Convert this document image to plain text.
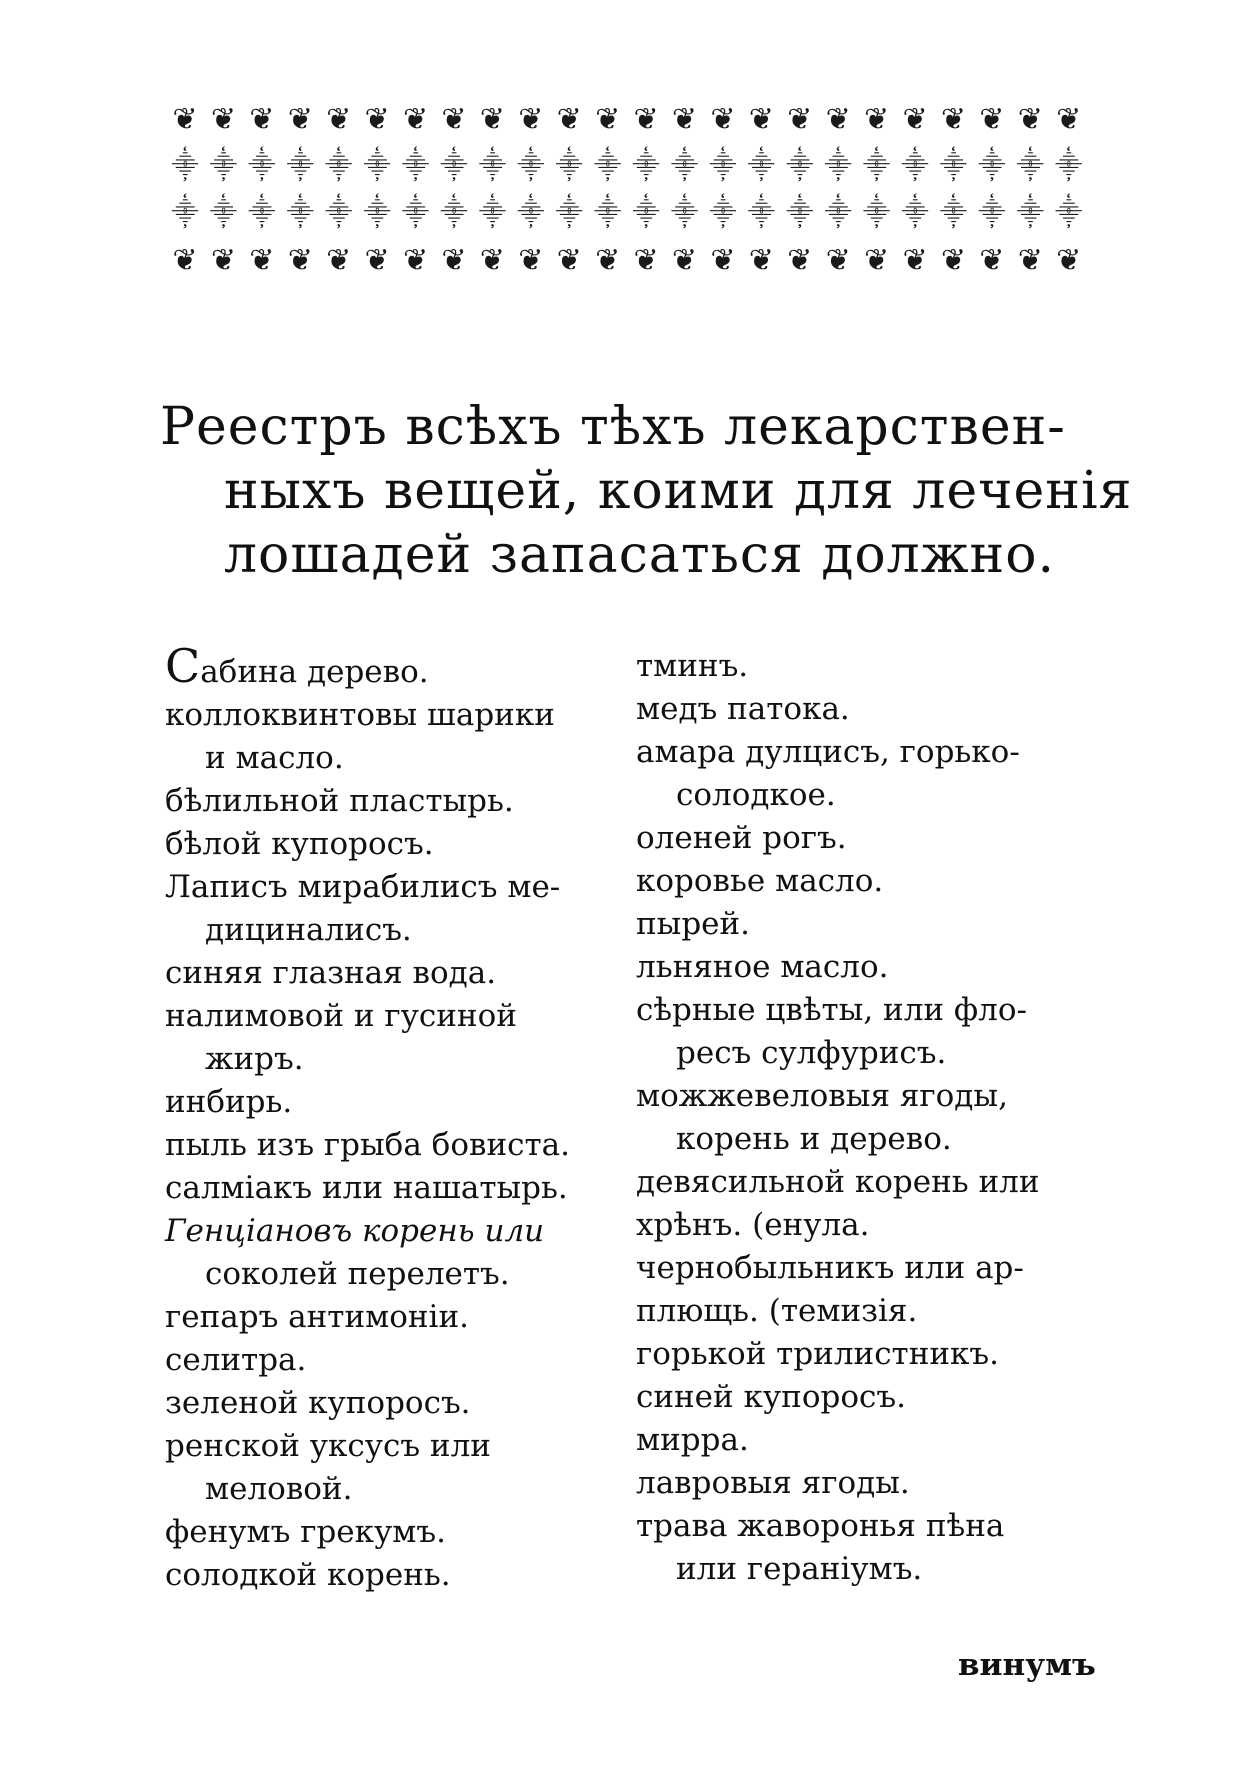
❦ ❦ ❦ ❦ ❦ ❦ ❦ ❦ ❦ ❦ ❦ ❦ ❦ ❦ ❦ ❦ ❦ ❦ ❦ ❦ ❦ ❦ ❦ ❦
⸎ ⸎ ⸎ ⸎ ⸎ ⸎ ⸎ ⸎ ⸎ ⸎ ⸎ ⸎ ⸎ ⸎ ⸎ ⸎ ⸎ ⸎ ⸎ ⸎ ⸎ ⸎ ⸎ ⸎
⸎ ⸎ ⸎ ⸎ ⸎ ⸎ ⸎ ⸎ ⸎ ⸎ ⸎ ⸎ ⸎ ⸎ ⸎ ⸎ ⸎ ⸎ ⸎ ⸎ ⸎ ⸎ ⸎ ⸎
❦ ❦ ❦ ❦ ❦ ❦ ❦ ❦ ❦ ❦ ❦ ❦ ❦ ❦ ❦ ❦ ❦ ❦ ❦ ❦ ❦ ❦ ❦ ❦
Реестръ всѣхъ тѣхъ лекарствен-
ныхъ вещей, коими для леченія
лошадей запасаться должно.
Сабина дерево.
коллоквинтовы шарики
и масло.
бѣлильной пластырь.
бѣлой купоросъ.
Лаписъ мирабилисъ ме-
дициналисъ.
синяя глазная вода.
налимовой и гусиной
жиръ.
инбирь.
пыль изъ грыба бовиста.
салміакъ или нашатырь.
Генціановъ корень или
соколей перелетъ.
гепаръ антимоніи.
селитра.
зеленой купоросъ.
ренской уксусъ или
меловой.
фенумъ грекумъ.
солодкой корень.
тминъ.
медъ патока.
амара дулцисъ, горько-
солодкое.
оленей рогъ.
коровье масло.
пырей.
льняное масло.
сѣрные цвѣты, или фло-
ресъ сулфурисъ.
можжевеловыя ягоды,
корень и дерево.
девясильной корень или
хрѣнъ. (енула.
чернобыльникъ или ар-
плющь. (темизія.
горькой трилистникъ.
синей купоросъ.
мирра.
лавровыя ягоды.
трава жаворонья пѣна
или гераніумъ.
винумъ
